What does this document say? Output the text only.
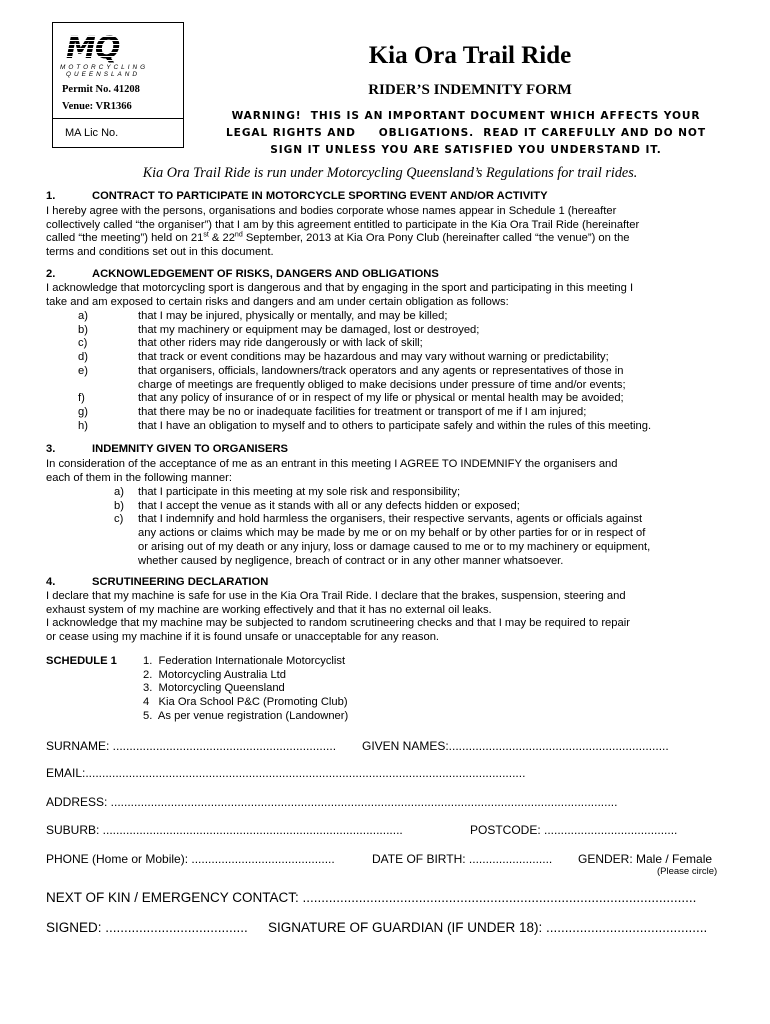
MQ
MOTORCYCLING
QUEENSLAND
Permit No. 41208
Venue: VR1366
MA Lic No.
Kia Ora Trail Ride
RIDER’S INDEMNITY FORM
WARNING!  THIS IS AN IMPORTANT DOCUMENT WHICH AFFECTS YOUR
LEGAL RIGHTS AND     OBLIGATIONS.  READ IT CAREFULLY AND DO NOT
SIGN IT UNLESS YOU ARE SATISFIED YOU UNDERSTAND IT.
Kia Ora Trail Ride is run under Motorcycling Queensland’s Regulations for trail rides.
1.	CONTRACT TO PARTICIPATE IN MOTORCYCLE SPORTING EVENT AND/OR ACTIVITY
I hereby agree with the persons, organisations and bodies corporate whose names appear in Schedule 1 (hereafter
collectively called “the organiser”) that I am by this agreement entitled to participate in the Kia Ora Trail Ride (hereinafter
called “the meeting”) held on 21st & 22nd September, 2013 at Kia Ora Pony Club (hereinafter called “the venue”) on the
terms and conditions set out in this document.
2.	ACKNOWLEDGEMENT OF RISKS, DANGERS AND OBLIGATIONS
I acknowledge that motorcycling sport is dangerous and that by engaging in the sport and participating in this meeting I
take and am exposed to certain risks and dangers and am under certain obligation as follows:
a)	that I may be injured, physically or mentally, and may be killed;
b)	that my machinery or equipment may be damaged, lost or destroyed;
c)	that other riders may ride dangerously or with lack of skill;
d)	that track or event conditions may be hazardous and may vary without warning or predictability;
e)	that organisers, officials, landowners/track operators and any agents or representatives of those in
charge of meetings are frequently obliged to make decisions under pressure of time and/or events;
f)	that any policy of insurance of or in respect of my life or physical or mental health may be avoided;
g)	that there may be no or inadequate facilities for treatment or transport of me if I am injured;
h)	that I have an obligation to myself and to others to participate safely and within the rules of this meeting.
3.	INDEMNITY GIVEN TO ORGANISERS
In consideration of the acceptance of me as an entrant in this meeting I AGREE TO INDEMNIFY the organisers and
each of them in the following manner:
a)	that I participate in this meeting at my sole risk and responsibility;
b)	that I accept the venue as it stands with all or any defects hidden or exposed;
c)	that I indemnify and hold harmless the organisers, their respective servants, agents or officials against
any actions or claims which may be made by me or on my behalf or by other parties for or in respect of
or arising out of my death or any injury, loss or damage caused to me or to my machinery or equipment,
whether caused by negligence, breach of contract or in any other manner whatsoever.
4.	SCRUTINEERING DECLARATION
I declare that my machine is safe for use in the Kia Ora Trail Ride. I declare that the brakes, suspension, steering and
exhaust system of my machine are working effectively and that it has no external oil leaks.
I acknowledge that my machine may be subjected to random scrutineering checks and that I may be required to repair
or cease using my machine if it is found unsafe or unacceptable for any reason.
SCHEDULE 1 1.  Federation Internationale Motorcyclist
2.  Motorcycling Australia Ltd
3.  Motorcycling Queensland
4   Kia Ora School P&C (Promoting Club)
5.  As per venue registration (Landowner)
SURNAME: ................................................................... GIVEN NAMES:..................................................................
EMAIL:....................................................................................................................................
ADDRESS: ........................................................................................................................................................
SUBURB: ..........................................................................................	POSTCODE: ........................................
PHONE (Home or Mobile): ...........................................	DATE OF BIRTH: ......................... GENDER: Male / Female
(Please circle)
NEXT OF KIN / EMERGENCY CONTACT: .........................................................................................................
SIGNED: ...................................... SIGNATURE OF GUARDIAN (IF UNDER 18): ...........................................
